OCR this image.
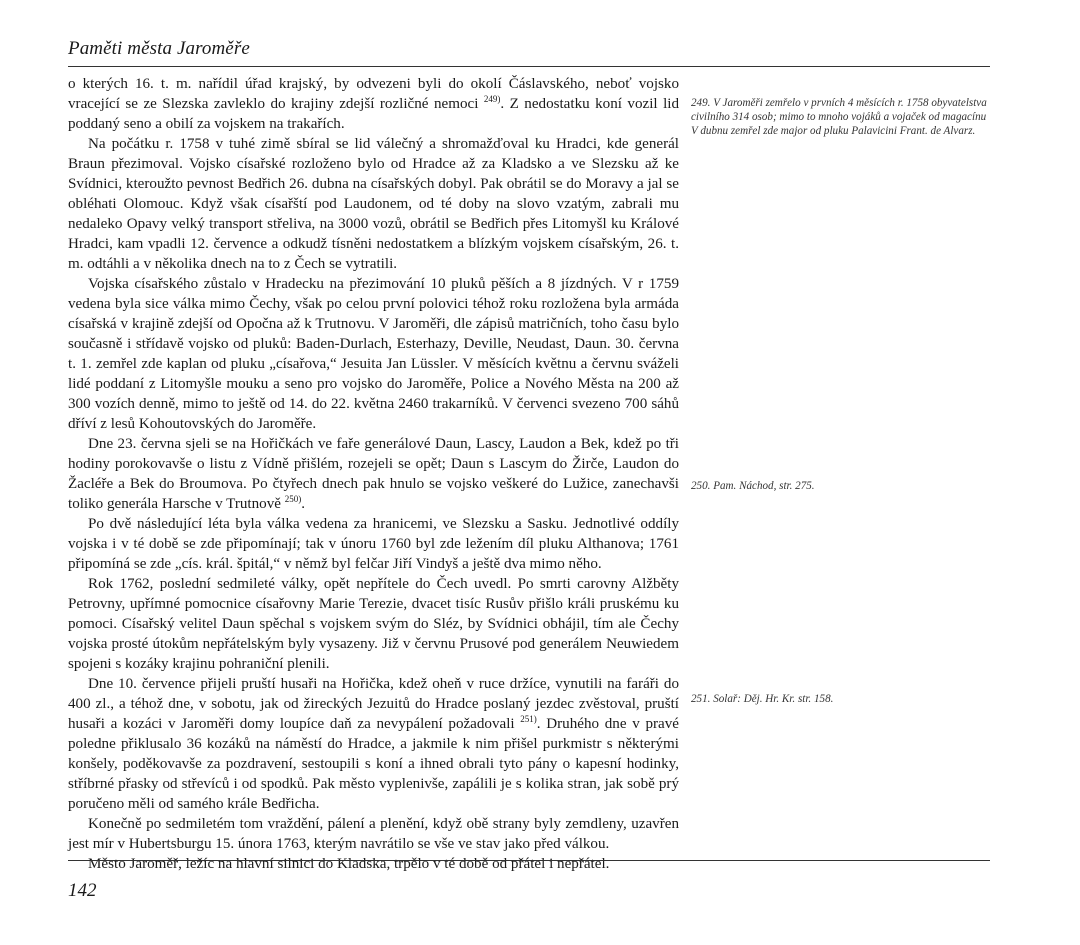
Paměti města Jaroměře

o kterých 16. t. m. nařídil úřad krajský, by odvezeni byli do okolí Čáslavského, neboť vojsko vracející se ze Slezska zavleklo do krajiny zdejší rozličné nemoci $^{249)}$. Z nedostatku koní vozil lid poddaný seno a obilí za vojskem na trakařích.

Na počátku r. 1758 v tuhé zimě sbíral se lid válečný a shromažďoval ku Hradci, kde generál Braun přezimoval. Vojsko císařské rozloženo bylo od Hradce až za Kladsko a ve Slezsku až ke Svídnici, kteroužto pevnost Bedřich 26. dubna na císařských dobyl. Pak obrátil se do Moravy a jal se obléhati Olomouc. Když však císařští pod Laudonem, od té doby na slovo vzatým, zabrali mu nedaleko Opavy velký transport střeliva, na 3000 vozů, obrátil se Bedřich přes Litomyšl ku Králové Hradci, kam vpadli 12. července a odkudž tísněni nedostatkem a blízkým vojskem císařským, 26. t. m. odtáhli a v několika dnech na to z Čech se vytratili.

Vojska císařského zůstalo v Hradecku na přezimování 10 pluků pěších a 8 jízdných. V r 1759 vedena byla sice válka mimo Čechy, však po celou první polovici téhož roku rozložena byla armáda císařská v krajině zdejší od Opočna až k Trutnovu. V Jaroměři, dle zápisů matričních, toho času bylo současně i střídavě vojsko od pluků: Baden-Durlach, Esterhazy, Deville, Neudast, Daun. 30. června t. 1. zemřel zde kaplan od pluku „císařova,“ Jesuita Jan Lüssler. V měsících květnu a červnu sváželi lidé poddaní z Litomyšle mouku a seno pro vojsko do Jaroměře, Police a Nového Města na 200 až 300 vozích denně, mimo to ještě od 14. do 22. května 2460 trakarníků. V červenci svezeno 700 sáhů dříví z lesů Kohoutovských do Jaroměře.

Dne 23. června sjeli se na Hořičkách ve faře generálové Daun, Lascy, Laudon a Bek, kdež po tři hodiny porokovavše o listu z Vídně přišlém, rozejeli se opět; Daun s Lascym do Žirče, Laudon do Žacléře a Bek do Broumova. Po čtyřech dnech pak hnulo se vojsko veškeré do Lužice, zanechavši toliko generála Harsche v Trutnově $^{250)}$.

Po dvě následující léta byla válka vedena za hranicemi, ve Slezsku a Sasku. Jednotlivé oddíly vojska i v té době se zde připomínají; tak v únoru 1760 byl zde ležením díl pluku Althanova; 1761 připomíná se zde „cís. král. špitál,“ v němž byl felčar Jiří Vindyš a ještě dva mimo něho.

Rok 1762, poslední sedmileté války, opět nepřítele do Čech uvedl. Po smrti carovny Alžběty Petrovny, upřímné pomocnice císařovny Marie Terezie, dvacet tisíc Rusův přišlo králi pruskému ku pomoci. Císařský velitel Daun spěchal s vojskem svým do Sléz, by Svídnici obhájil, tím ale Čechy vojska prosté útokům nepřátelským byly vysazeny. Již v červnu Prusové pod generálem Neuwiedem spojeni s kozáky krajinu pohraniční plenili.

Dne 10. července přijeli pruští husaři na Hořička, kdež oheň v ruce držíce, vynutili na faráři do 400 zl., a téhož dne, v sobotu, jak od žireckých Jezuitů do Hradce poslaný jezdec zvěstoval, pruští husaři a kozáci v Jaroměři domy loupíce daň za nevypálení požadovali $^{251)}$. Druhého dne v pravé poledne přiklusalo 36 kozáků na náměstí do Hradce, a jakmile k nim přišel purkmistr s některými konšely, poděkovavše za pozdravení, sestoupili s koní a ihned obrali tyto pány o kapesní hodinky, stříbrné přasky od střevíců i od spodků. Pak město vyplenivše, zapálili je s kolika stran, jak sobě prý poručeno měli od samého krále Bedřicha.

Konečně po sedmiletém tom vraždění, pálení a plenění, když obě strany byly zemdleny, uzavřen jest mír v Hubertsburgu 15. února 1763, kterým navrátilo se vše ve stav jako před válkou.

Město Jaroměř, ležíc na hlavní silnici do Kladska, trpělo v té době od přátel i nepřátel.

249. V Jaroměři zemřelo v prvních 4 měsících r. 1758 obyvatelstva civilního 314 osob; mimo to mnoho vojáků a vojaček od magacínu V dubnu zemřel zde major od pluku Palavicini Frant. de Alvarz.
250. Pam. Náchod, str. 275.
251. Solař: Děj. Hr. Kr. str. 158.
142
